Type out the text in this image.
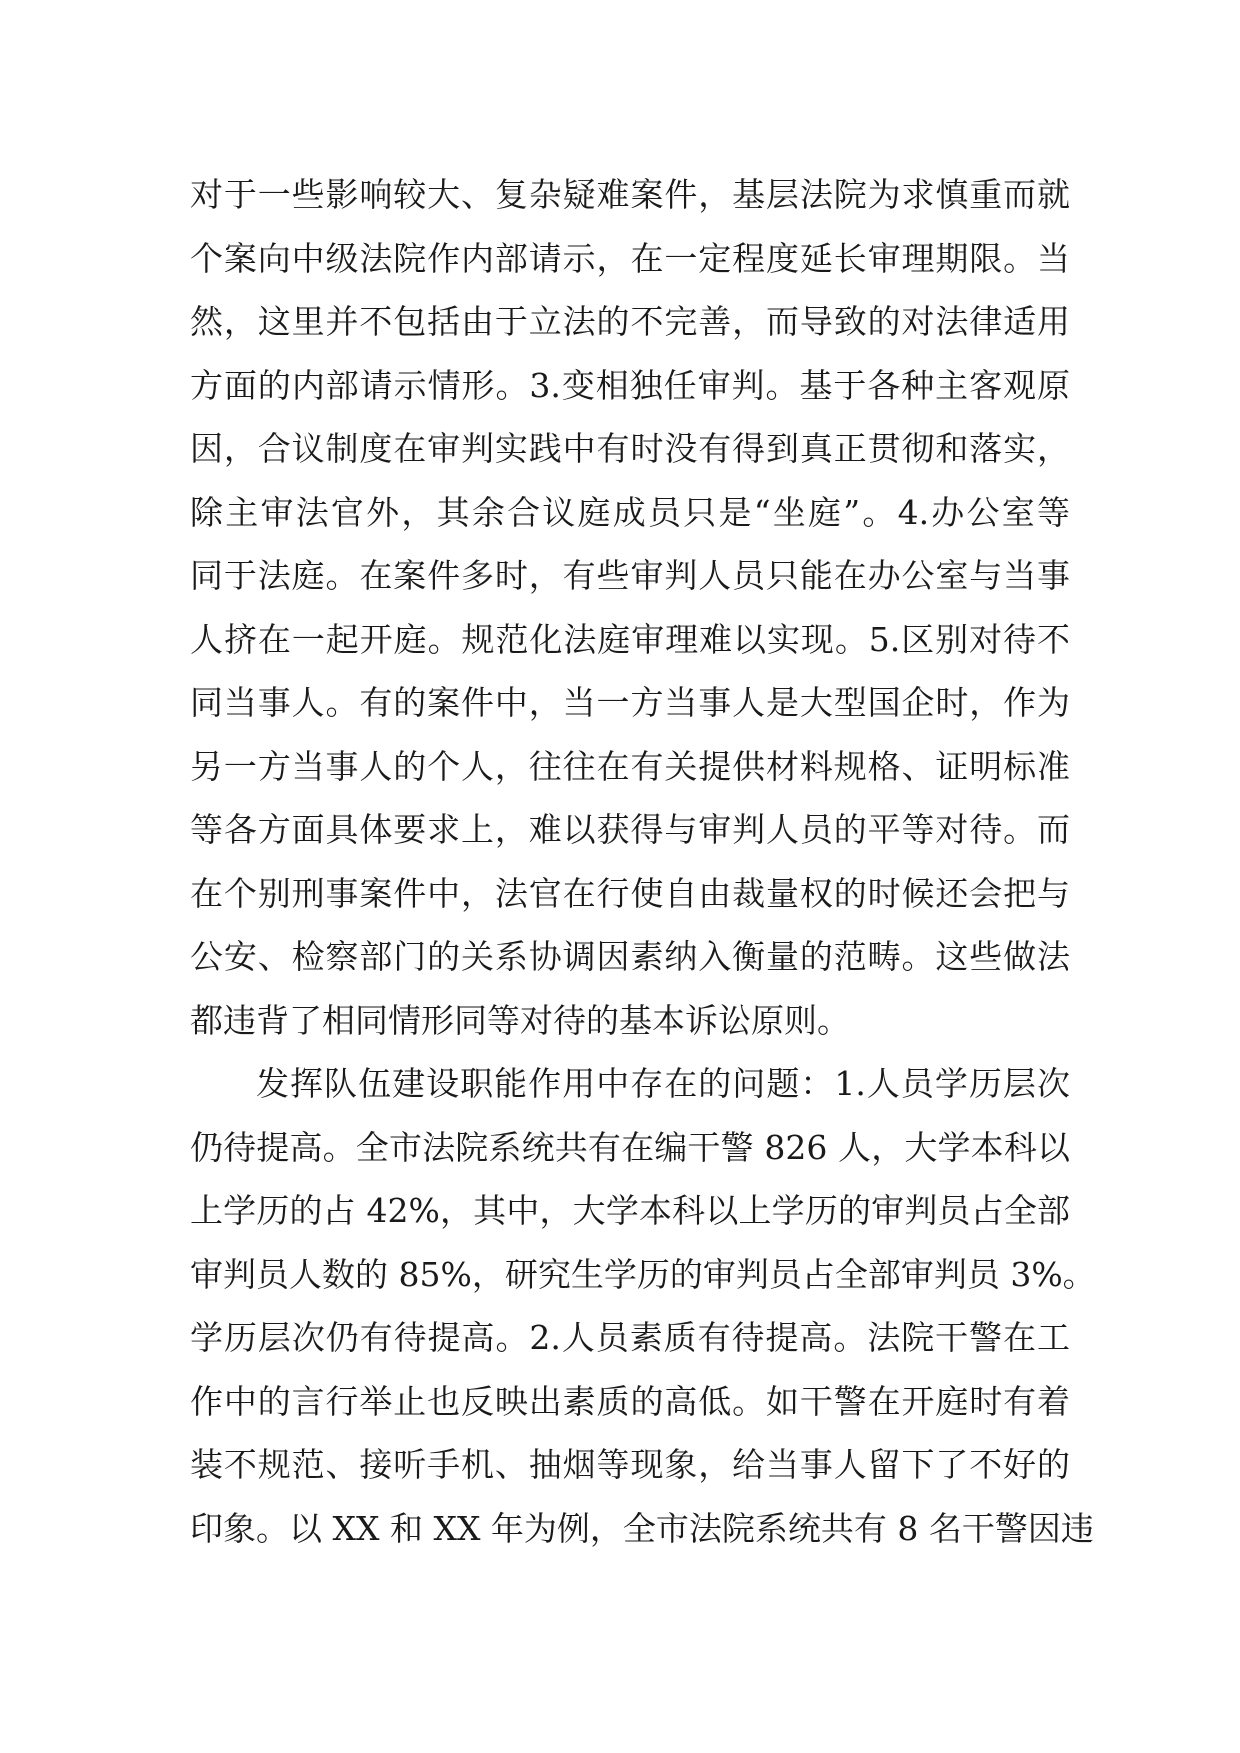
对于一些影响较大、复杂疑难案件，基层法院为求慎重而就
个案向中级法院作内部请示，在一定程度延长审理期限。当
然，这里并不包括由于立法的不完善，而导致的对法律适用
方面的内部请示情形。3.变相独任审判。基于各种主客观原
因，合议制度在审判实践中有时没有得到真正贯彻和落实，
除主审法官外，其余合议庭成员只是“坐庭”。4.办公室等
同于法庭。在案件多时，有些审判人员只能在办公室与当事
人挤在一起开庭。规范化法庭审理难以实现。5.区别对待不
同当事人。有的案件中，当一方当事人是大型国企时，作为
另一方当事人的个人，往往在有关提供材料规格、证明标准
等各方面具体要求上，难以获得与审判人员的平等对待。而
在个别刑事案件中，法官在行使自由裁量权的时候还会把与
公安、检察部门的关系协调因素纳入衡量的范畴。这些做法
都违背了相同情形同等对待的基本诉讼原则。
发挥队伍建设职能作用中存在的问题：1.人员学历层次
仍待提高。全市法院系统共有在编干警 826 人，大学本科以
上学历的占 42%，其中，大学本科以上学历的审判员占全部
审判员人数的 85%，研究生学历的审判员占全部审判员 3%。
学历层次仍有待提高。2.人员素质有待提高。法院干警在工
作中的言行举止也反映出素质的高低。如干警在开庭时有着
装不规范、接听手机、抽烟等现象，给当事人留下了不好的
印象。以 XX 和 XX 年为例，全市法院系统共有 8 名干警因违
